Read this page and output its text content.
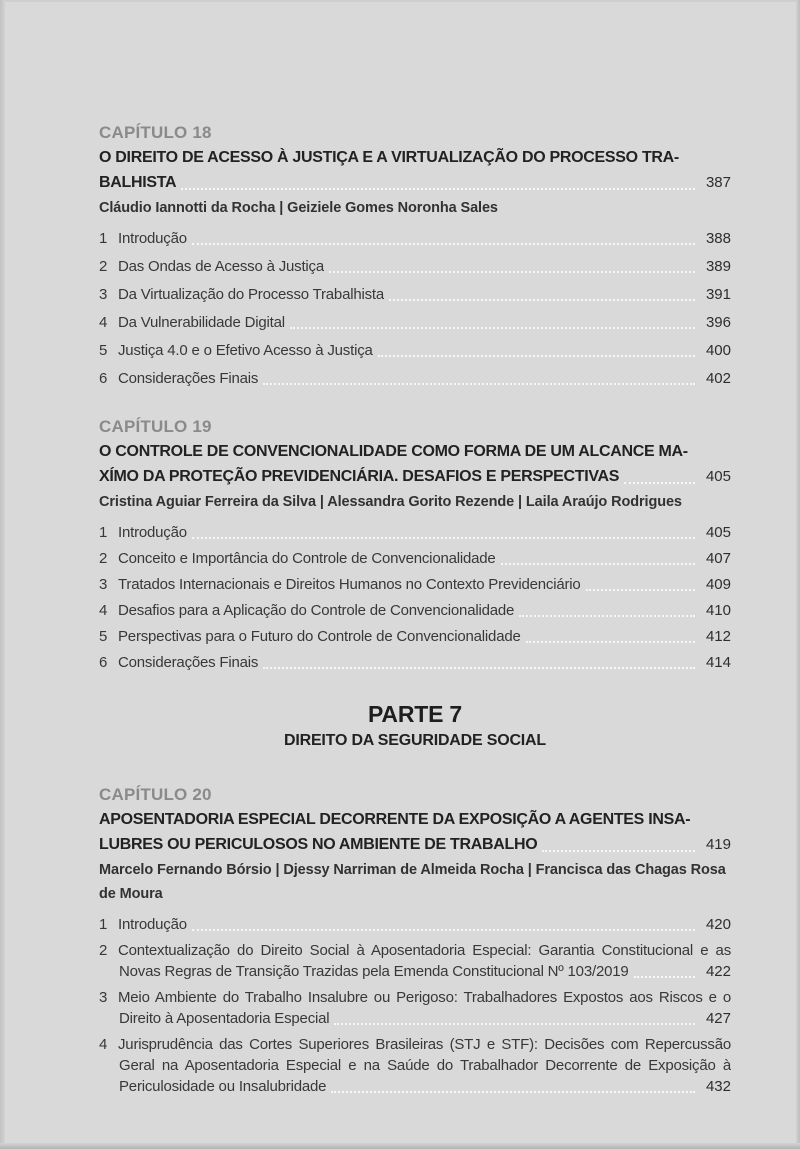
CAPÍTULO 18
O DIREITO DE ACESSO À JUSTIÇA E A VIRTUALIZAÇÃO DO PROCESSO TRA-
BALHISTA	387
Cláudio Iannotti da Rocha | Geiziele Gomes Noronha Sales
1 Introdução	388
2 Das Ondas de Acesso à Justiça	389
3 Da Virtualização do Processo Trabalhista	391
4 Da Vulnerabilidade Digital	396
5 Justiça 4.0 e o Efetivo Acesso à Justiça	400
6 Considerações Finais	402
CAPÍTULO 19
O CONTROLE DE CONVENCIONALIDADE COMO FORMA DE UM ALCANCE MA-
XÍMO DA PROTEÇÃO PREVIDENCIÁRIA. DESAFIOS E PERSPECTIVAS	405
Cristina Aguiar Ferreira da Silva | Alessandra Gorito Rezende | Laila Araújo Rodrigues
1 Introdução	405
2 Conceito e Importância do Controle de Convencionalidade	407
3 Tratados Internacionais e Direitos Humanos no Contexto Previdenciário	409
4 Desafios para a Aplicação do Controle de Convencionalidade	410
5 Perspectivas para o Futuro do Controle de Convencionalidade	412
6 Considerações Finais	414
PARTE 7
DIREITO DA SEGURIDADE SOCIAL
CAPÍTULO 20
APOSENTADORIA ESPECIAL DECORRENTE DA EXPOSIÇÃO A AGENTES INSA-
LUBRES OU PERICULOSOS NO AMBIENTE DE TRABALHO	419
Marcelo Fernando Bórsio | Djessy Narriman de Almeida Rocha | Francisca das Chagas Rosa
de Moura
1 Introdução	420
2 Contextualização do Direito Social à Aposentadoria Especial: Garantia Constitucional e as
Novas Regras de Transição Trazidas pela Emenda Constitucional Nº 103/2019	422
3 Meio Ambiente do Trabalho Insalubre ou Perigoso: Trabalhadores Expostos aos Riscos e o
Direito à Aposentadoria Especial	427
4 Jurisprudência das Cortes Superiores Brasileiras (STJ e STF): Decisões com Repercussão
Geral na Aposentadoria Especial e na Saúde do Trabalhador Decorrente de Exposição à
Periculosidade ou Insalubridade	432
